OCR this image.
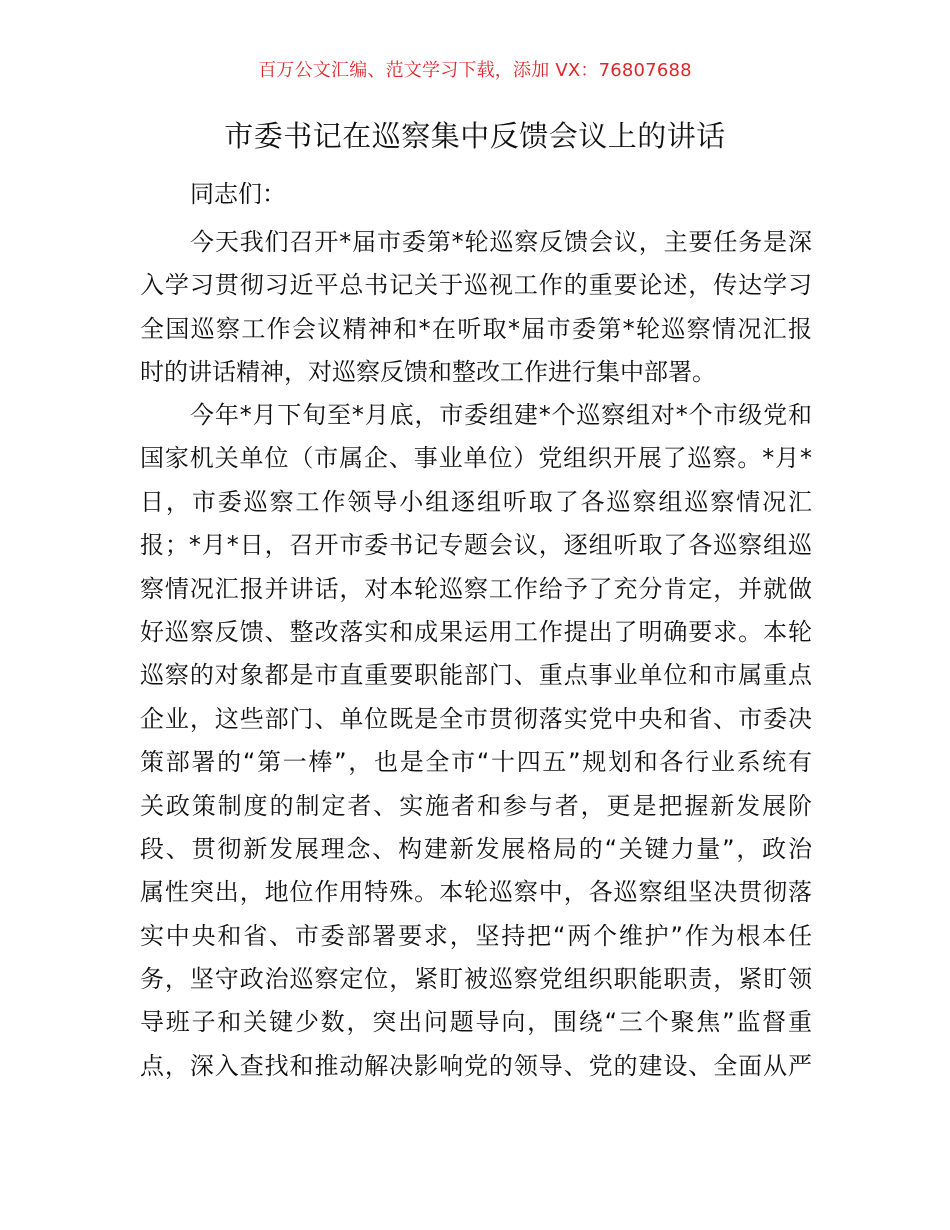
百万公文汇编、范文学习下载，添加 VX：76807688
市委书记在巡察集中反馈会议上的讲话
同志们：
今天我们召开*届市委第*轮巡察反馈会议，主要任务是深
入学习贯彻习近平总书记关于巡视工作的重要论述，传达学习
全国巡察工作会议精神和*在听取*届市委第*轮巡察情况汇报
时的讲话精神，对巡察反馈和整改工作进行集中部署。
今年*月下旬至*月底，市委组建*个巡察组对*个市级党和
国家机关单位（市属企、事业单位）党组织开展了巡察。*月*
日，市委巡察工作领导小组逐组听取了各巡察组巡察情况汇
报；*月*日，召开市委书记专题会议，逐组听取了各巡察组巡
察情况汇报并讲话，对本轮巡察工作给予了充分肯定，并就做
好巡察反馈、整改落实和成果运用工作提出了明确要求。本轮
巡察的对象都是市直重要职能部门、重点事业单位和市属重点
企业，这些部门、单位既是全市贯彻落实党中央和省、市委决
策部署的“第一棒”，也是全市“十四五”规划和各行业系统有
关政策制度的制定者、实施者和参与者，更是把握新发展阶
段、贯彻新发展理念、构建新发展格局的“关键力量”，政治
属性突出，地位作用特殊。本轮巡察中，各巡察组坚决贯彻落
实中央和省、市委部署要求，坚持把“两个维护”作为根本任
务，坚守政治巡察定位，紧盯被巡察党组织职能职责，紧盯领
导班子和关键少数，突出问题导向，围绕“三个聚焦”监督重
点，深入查找和推动解决影响党的领导、党的建设、全面从严
